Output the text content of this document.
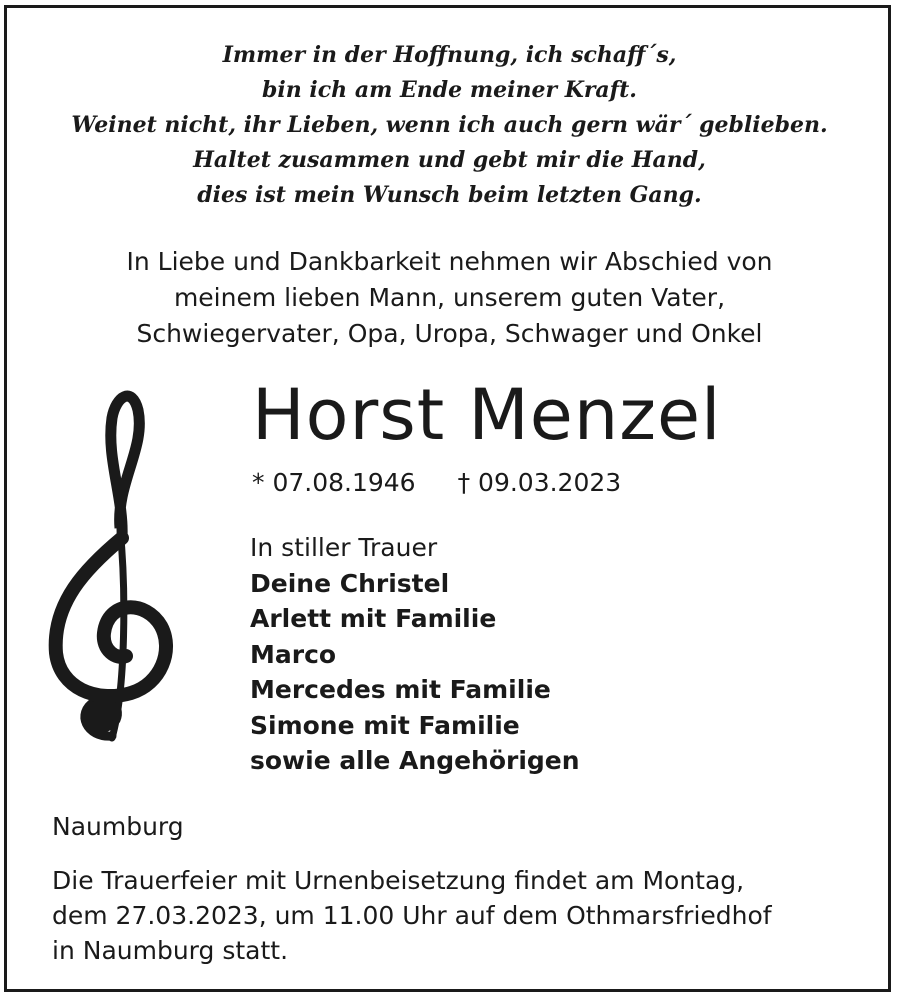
Immer in der Hoffnung, ich schaff´s,
bin ich am Ende meiner Kraft.
Weinet nicht, ihr Lieben, wenn ich auch gern wär´ geblieben.
Haltet zusammen und gebt mir die Hand,
dies ist mein Wunsch beim letzten Gang.
In Liebe und Dankbarkeit nehmen wir Abschied von
meinem lieben Mann, unserem guten Vater,
Schwiegervater, Opa, Uropa, Schwager und Onkel
Horst Menzel
* 07.08.1946 † 09.03.2023
In stiller Trauer
Deine Christel
Arlett mit Familie
Marco
Mercedes mit Familie
Simone mit Familie
sowie alle Angehörigen
Naumburg
Die Trauerfeier mit Urnenbeisetzung findet am Montag,
dem 27.03.2023, um 11.00 Uhr auf dem Othmarsfriedhof
in Naumburg statt.
